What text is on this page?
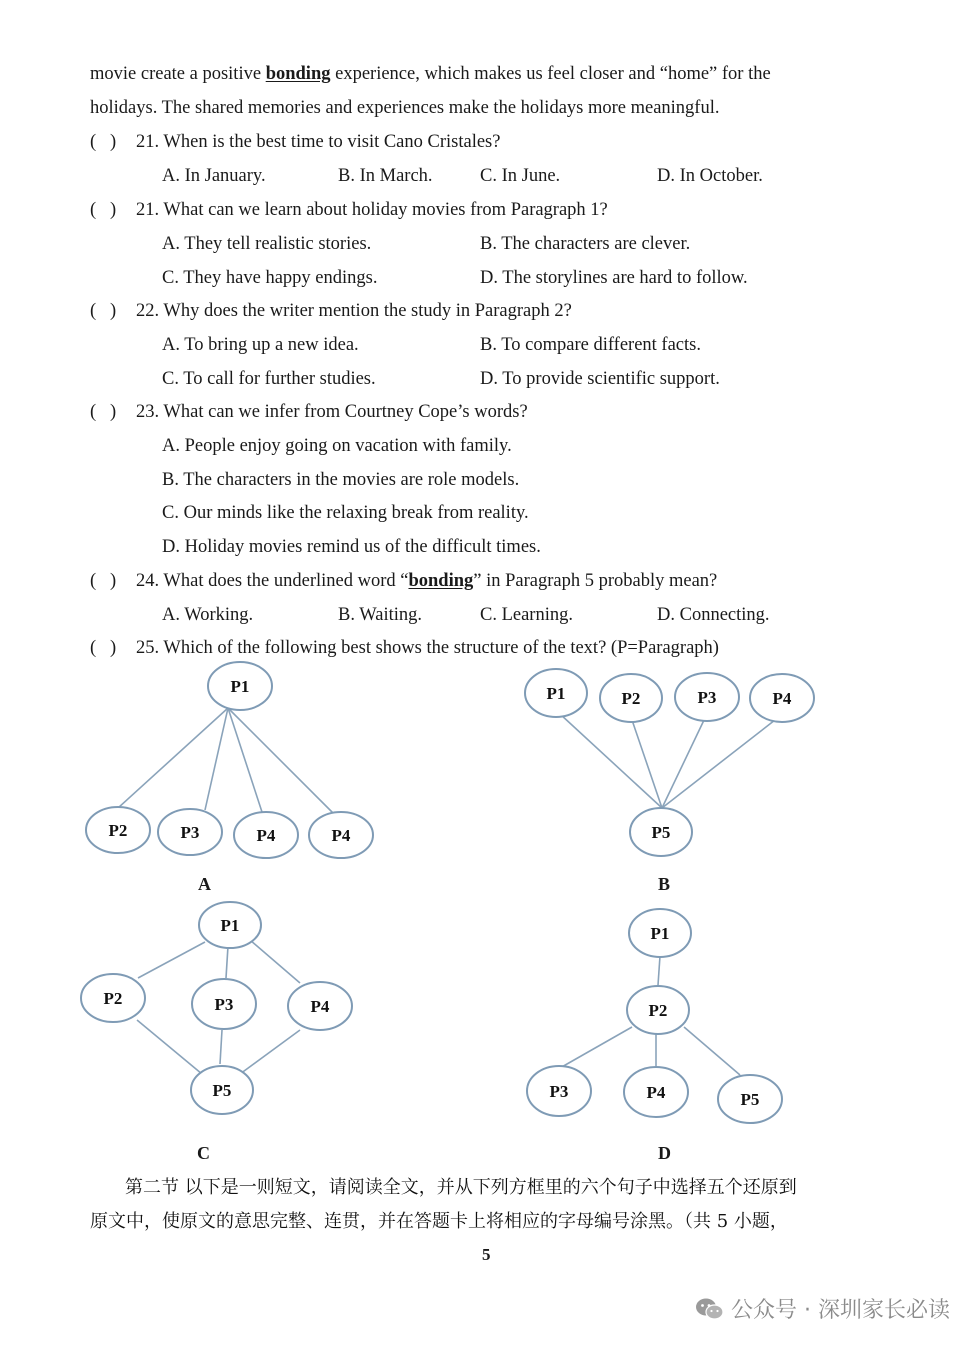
movie create a positive bonding experience, which makes us feel closer and “home” for the
holidays. The shared memories and experiences make the holidays more meaningful.
(   ) 21. When is the best time to visit Cano Cristales?
A. In January.	B. In March.	C. In June.	D. In October.
(   ) 21. What can we learn about holiday movies from Paragraph 1?
A. They tell realistic stories.	B. The characters are clever.
C. They have happy endings.	D. The storylines are hard to follow.
(   ) 22. Why does the writer mention the study in Paragraph 2?
A. To bring up a new idea.	B. To compare different facts.
C. To call for further studies.	D. To provide scientific support.
(   ) 23. What can we infer from Courtney Cope’s words?
A. People enjoy going on vacation with family.
B. The characters in the movies are role models.
C. Our minds like the relaxing break from reality.
D. Holiday movies remind us of the difficult times.
(   ) 24. What does the underlined word “bonding” in Paragraph 5 probably mean?
A. Working.	B. Waiting.	C. Learning.	D. Connecting.
(   ) 25. Which of the following best shows the structure of the text? (P=Paragraph)
P1
P2	P3	P4	P4
P1	P2	P3	P4
P5
P1
P2	P3	P4
P5
P1
P2
P3	P4	P5
A	B
C	D
第二节 以下是一则短文，请阅读全文，并从下列方框里的六个句子中选择五个还原到
原文中，使原文的意思完整、连贯，并在答题卡上将相应的字母编号涂黑。（共 5 小题，
5
公众号 · 深圳家长必读
